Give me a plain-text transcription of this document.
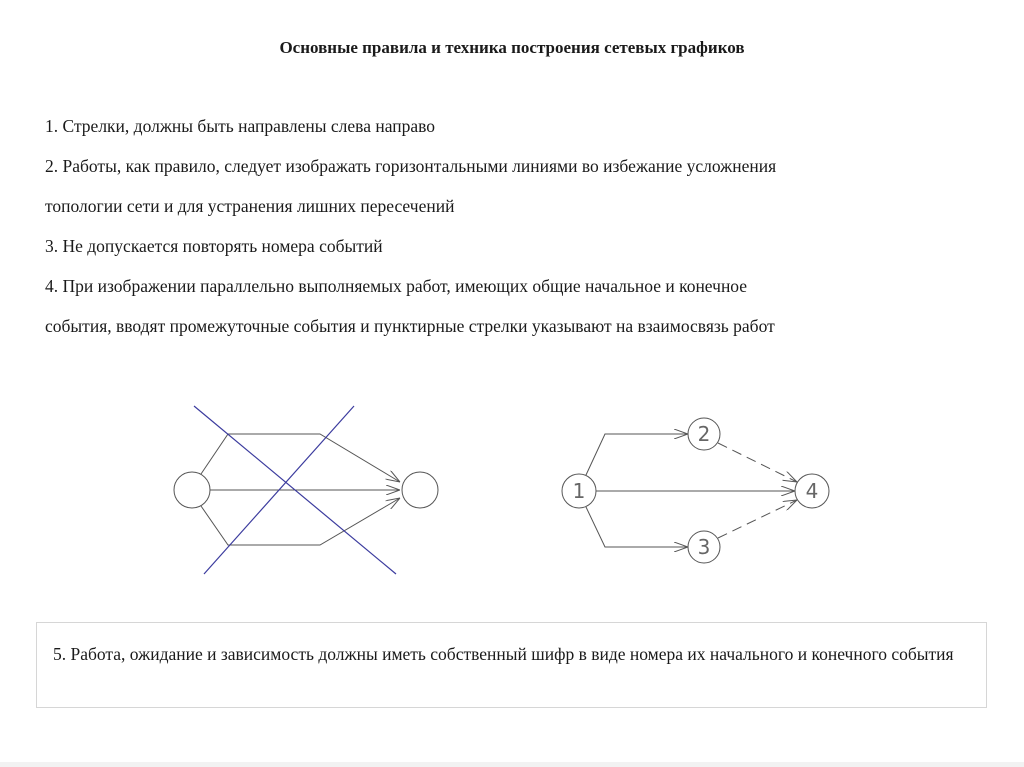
Основные правила и техника построения сетевых графиков
1. Стрелки, должны быть направлены слева направо
2. Работы, как правило, следует изображать горизонтальными линиями во избежание усложнения
топологии сети и для устранения лишних пересечений
3. Не допускается повторять номера событий
4. При изображении параллельно выполняемых работ, имеющих общие начальное и конечное
события, вводят промежуточные события и пунктирные стрелки указывают на взаимосвязь работ
1
2
3
4
5. Работа, ожидание и зависимость должны иметь собственный шифр в виде номера их начального и конечного события
